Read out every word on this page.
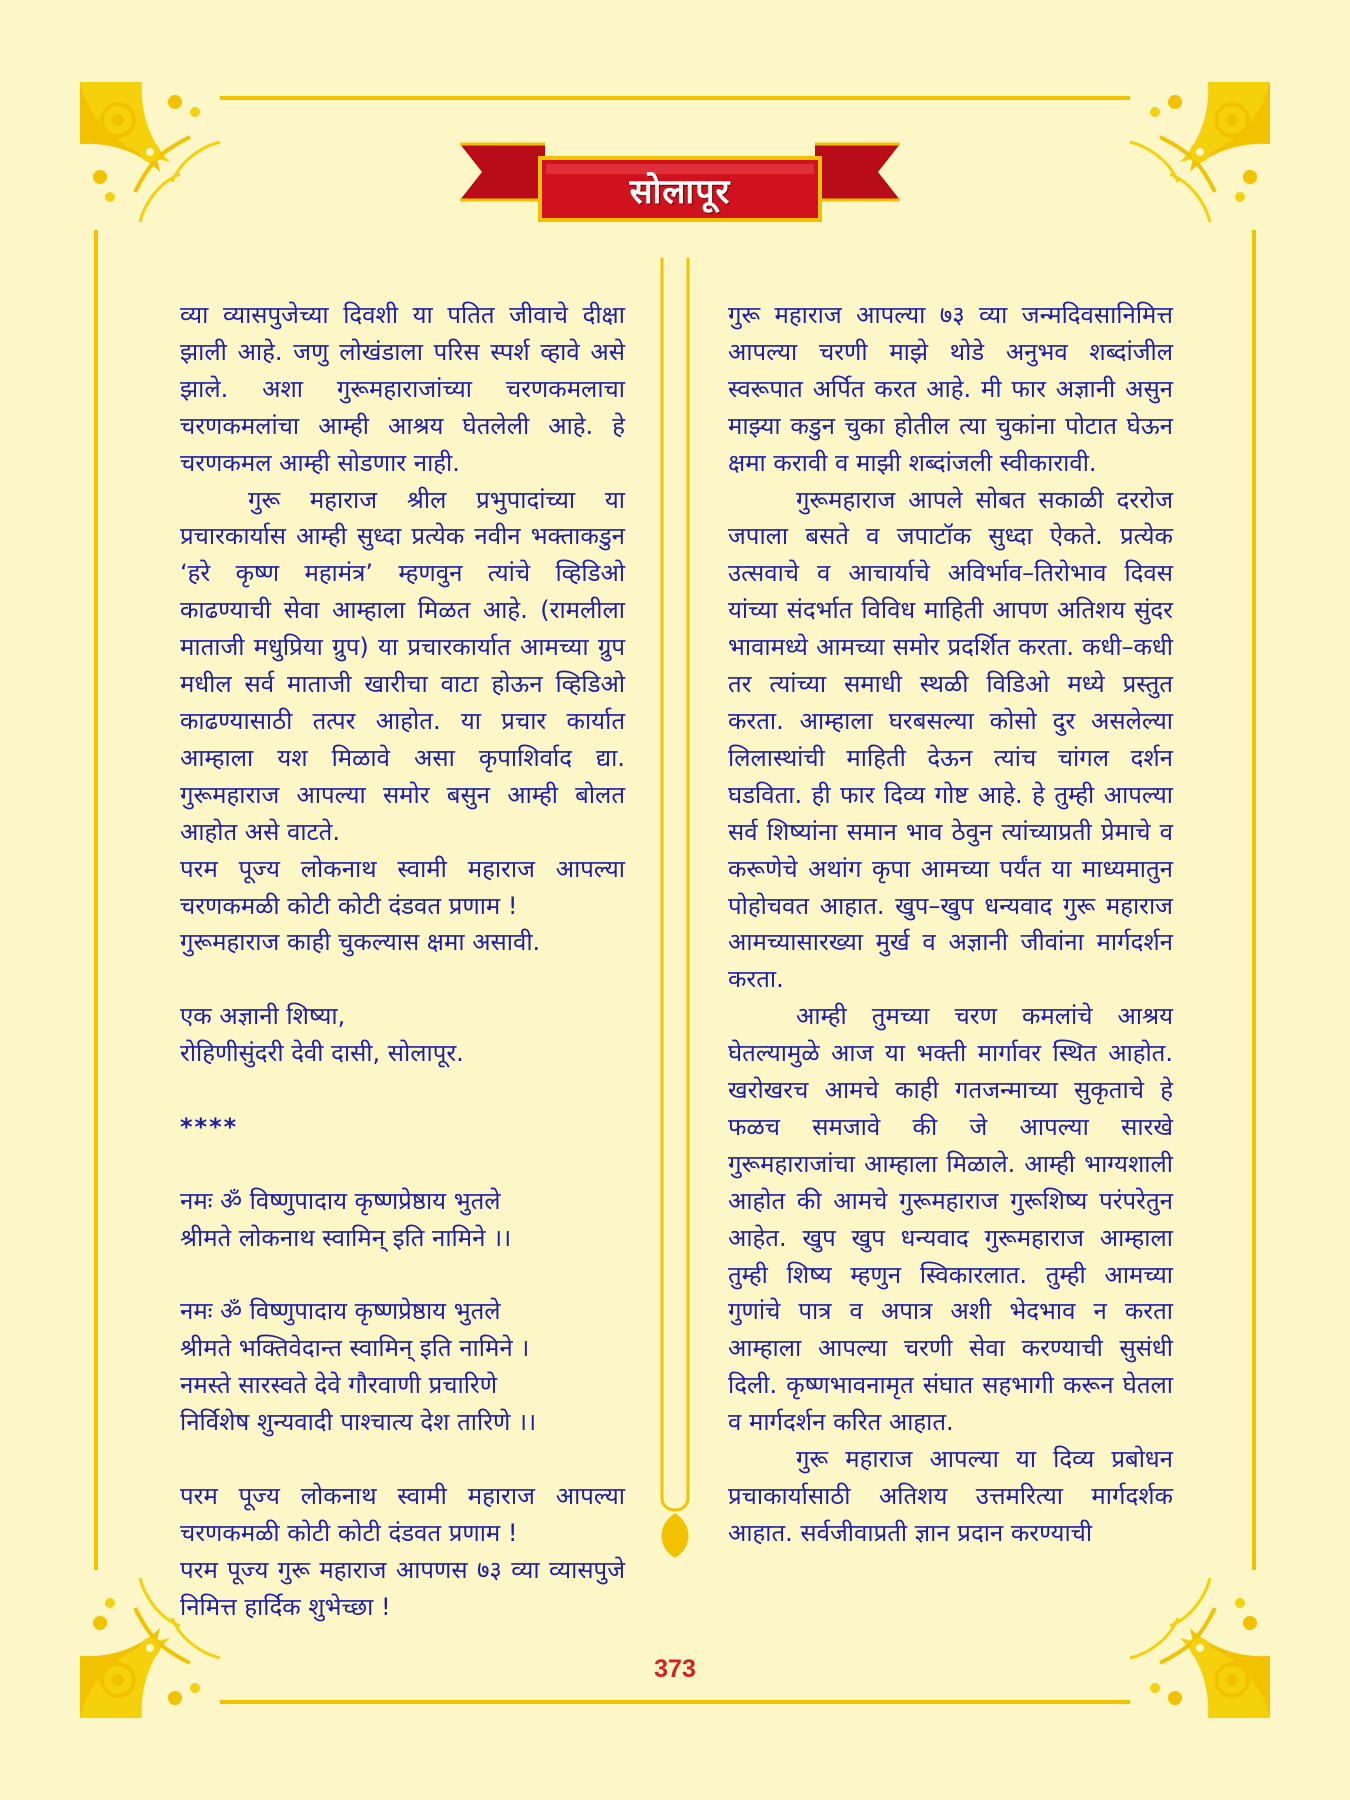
सोलापूर

व्या व्यासपुजेच्या दिवशी या पतित जीवाचे दीक्षा झाली आहे. जणु लोखंडाला परिस स्पर्श व्हावे असे झाले. अशा गुरूमहाराजांच्या चरणकमलाचा चरणकमलांचा आम्ही आश्रय घेतलेली आहे. हे चरणकमल आम्ही सोडणार नाही.

गुरू महाराज श्रील प्रभुपादांच्या या प्रचारकार्यास आम्ही सुध्दा प्रत्येक नवीन भक्ताकडुन ‘हरे कृष्ण महामंत्र’ म्हणवुन त्यांचे व्हिडिओ काढण्याची सेवा आम्हाला मिळत आहे. (रामलीला माताजी मधुप्रिया ग्रुप) या प्रचारकार्यात आमच्या ग्रुप मधील सर्व माताजी खारीचा वाटा होऊन व्हिडिओ काढण्यासाठी तत्पर आहोत. या प्रचार कार्यात आम्हाला यश मिळावे असा कृपाशिर्वाद द्या. गुरूमहाराज आपल्या समोर बसुन आम्ही बोलत आहोत असे वाटते.

परम पूज्य लोकनाथ स्वामी महाराज आपल्या चरणकमळी कोटी कोटी दंडवत प्रणाम !

गुरूमहाराज काही चुकल्यास क्षमा असावी.

एक अज्ञानी शिष्या,

रोहिणीसुंदरी देवी दासी, सोलापूर.

****

नमः ॐ विष्णुपादाय कृष्णप्रेष्ठाय भुतले

श्रीमते लोकनाथ स्वामिन् इति नामिने ।।

नमः ॐ विष्णुपादाय कृष्णप्रेष्ठाय भुतले

श्रीमते भक्तिवेदान्त स्वामिन् इति नामिने ।

नमस्ते सारस्वते देवे गौरवाणी प्रचारिणे

निर्विशेष शुन्यवादी पाश्चात्य देश तारिणे ।।

परम पूज्य लोकनाथ स्वामी महाराज आपल्या चरणकमळी कोटी कोटी दंडवत प्रणाम !

परम पूज्य गुरू महाराज आपणस ७३ व्या व्यासपुजे निमित्त हार्दिक शुभेच्छा !

गुरू महाराज आपल्या ७३ व्या जन्मदिवसानिमित्त आपल्या चरणी माझे थोडे अनुभव शब्दांजील स्वरूपात अर्पित करत आहे. मी फार अज्ञानी असुन माझ्या कडुन चुका होतील त्या चुकांना पोटात घेऊन क्षमा करावी व माझी शब्दांजली स्वीकारावी.

गुरूमहाराज आपले सोबत सकाळी दररोज जपाला बसते व जपाटॉक सुध्दा ऐकते. प्रत्येक उत्सवाचे व आचार्याचे अविर्भाव–तिरोभाव दिवस यांच्या संदर्भात विविध माहिती आपण अतिशय सुंदर भावामध्ये आमच्या समोर प्रदर्शित करता. कधी–कधी तर त्यांच्या समाधी स्थळी विडिओ मध्ये प्रस्तुत करता. आम्हाला घरबसल्या कोसो दुर असलेल्या लिलास्थांची माहिती देऊन त्यांच चांगल दर्शन घडविता. ही फार दिव्य गोष्ट आहे. हे तुम्ही आपल्या सर्व शिष्यांना समान भाव ठेवुन त्यांच्याप्रती प्रेमाचे व करूणेचे अथांग कृपा आमच्या पर्यंत या माध्यमातुन पोहोचवत आहात. खुप–खुप धन्यवाद गुरू महाराज आमच्यासारख्या मुर्ख व अज्ञानी जीवांना मार्गदर्शन करता.

आम्ही तुमच्या चरण कमलांचे आश्रय घेतल्यामुळे आज या भक्ती मार्गावर स्थित आहोत. खरोखरच आमचे काही गतजन्माच्या सुकृताचे हे फळच समजावे की जे आपल्या सारखे गुरूमहाराजांचा आम्हाला मिळाले. आम्ही भाग्यशाली आहोत की आमचे गुरूमहाराज गुरूशिष्य परंपरेतुन आहेत. खुप खुप धन्यवाद गुरूमहाराज आम्हाला तुम्ही शिष्य म्हणुन स्विकारलात. तुम्ही आमच्या गुणांचे पात्र व अपात्र अशी भेदभाव न करता आम्हाला आपल्या चरणी सेवा करण्याची सुसंधी दिली. कृष्णभावनामृत संघात सहभागी करून घेतला व मार्गदर्शन करित आहात.

गुरू महाराज आपल्या या दिव्य प्रबोधन प्रचाकार्यासाठी अतिशय उत्तमरित्या मार्गदर्शक आहात. सर्वजीवाप्रती ज्ञान प्रदान करण्याची

373
